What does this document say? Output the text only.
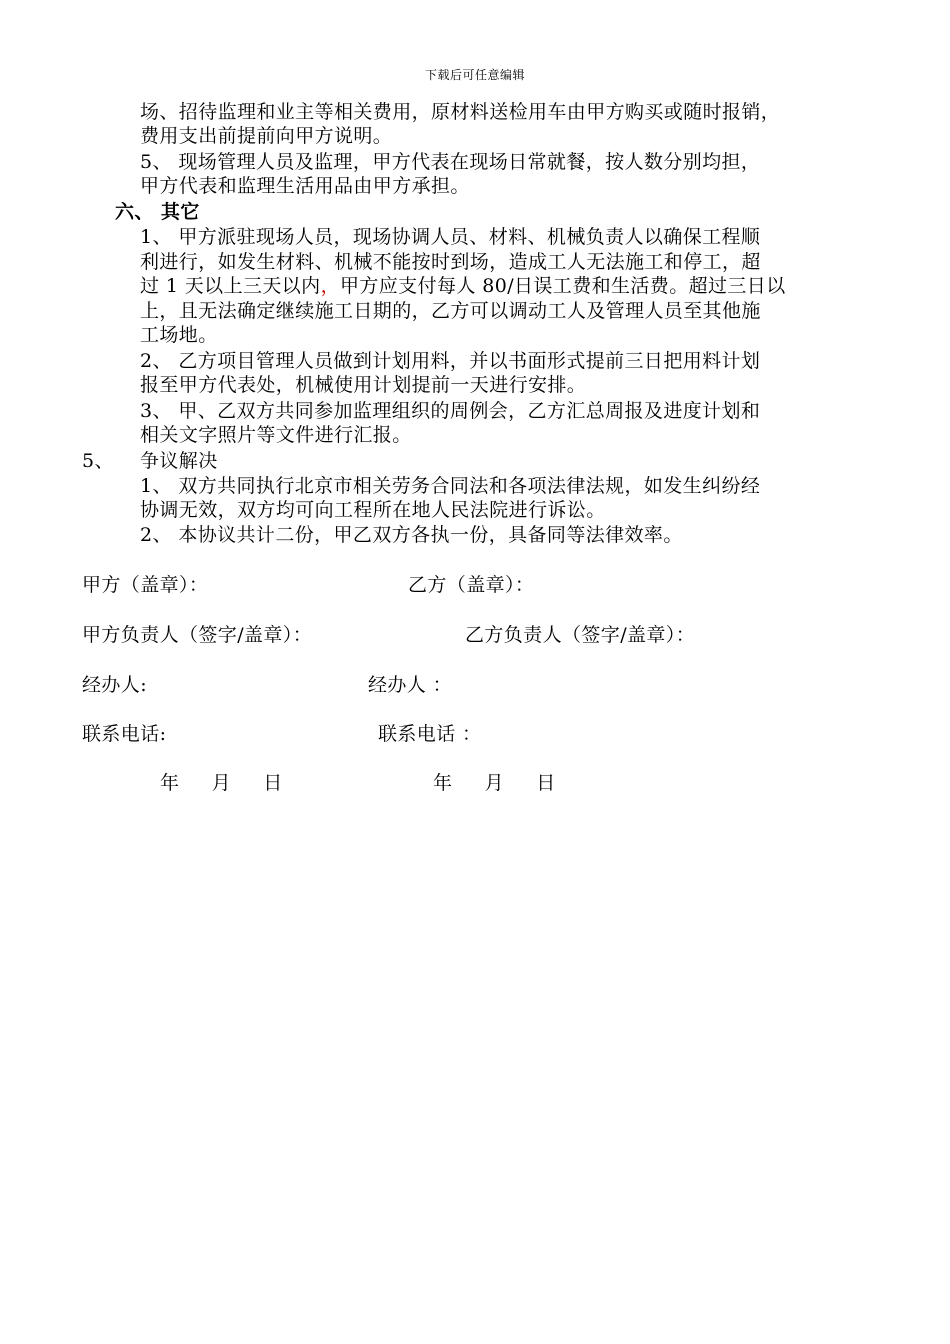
下载后可任意编辑
场、招待监理和业主等相关费用，原材料送检用车由甲方购买或随时报销，
费用支出前提前向甲方说明。
5、 现场管理人员及监理，甲方代表在现场日常就餐，按人数分别均担，
甲方代表和监理生活用品由甲方承担。
六、 其它
1、 甲方派驻现场人员，现场协调人员、材料、机械负责人以确保工程顺
利进行，如发生材料、机械不能按时到场，造成工人无法施工和停工，超
过 1 天以上三天以内，甲方应支付每人 80/日误工费和生活费。超过三日以
上，且无法确定继续施工日期的，乙方可以调动工人及管理人员至其他施
工场地。
2、 乙方项目管理人员做到计划用料，并以书面形式提前三日把用料计划
报至甲方代表处，机械使用计划提前一天进行安排。
3、 甲、乙双方共同参加监理组织的周例会，乙方汇总周报及进度计划和
相关文字照片等文件进行汇报。
5、 争议解决
1、 双方共同执行北京市相关劳务合同法和各项法律法规，如发生纠纷经
协调无效，双方均可向工程所在地人民法院进行诉讼。
2、 本协议共计二份，甲乙双方各执一份，具备同等法律效率。
甲方（盖章）：	乙方（盖章）：
甲方负责人（签字/盖章）：	乙方负责人（签字/盖章）：
经办人:	经办人 ：
联系电话:	联系电话 ：
年     月     日	年     月     日
